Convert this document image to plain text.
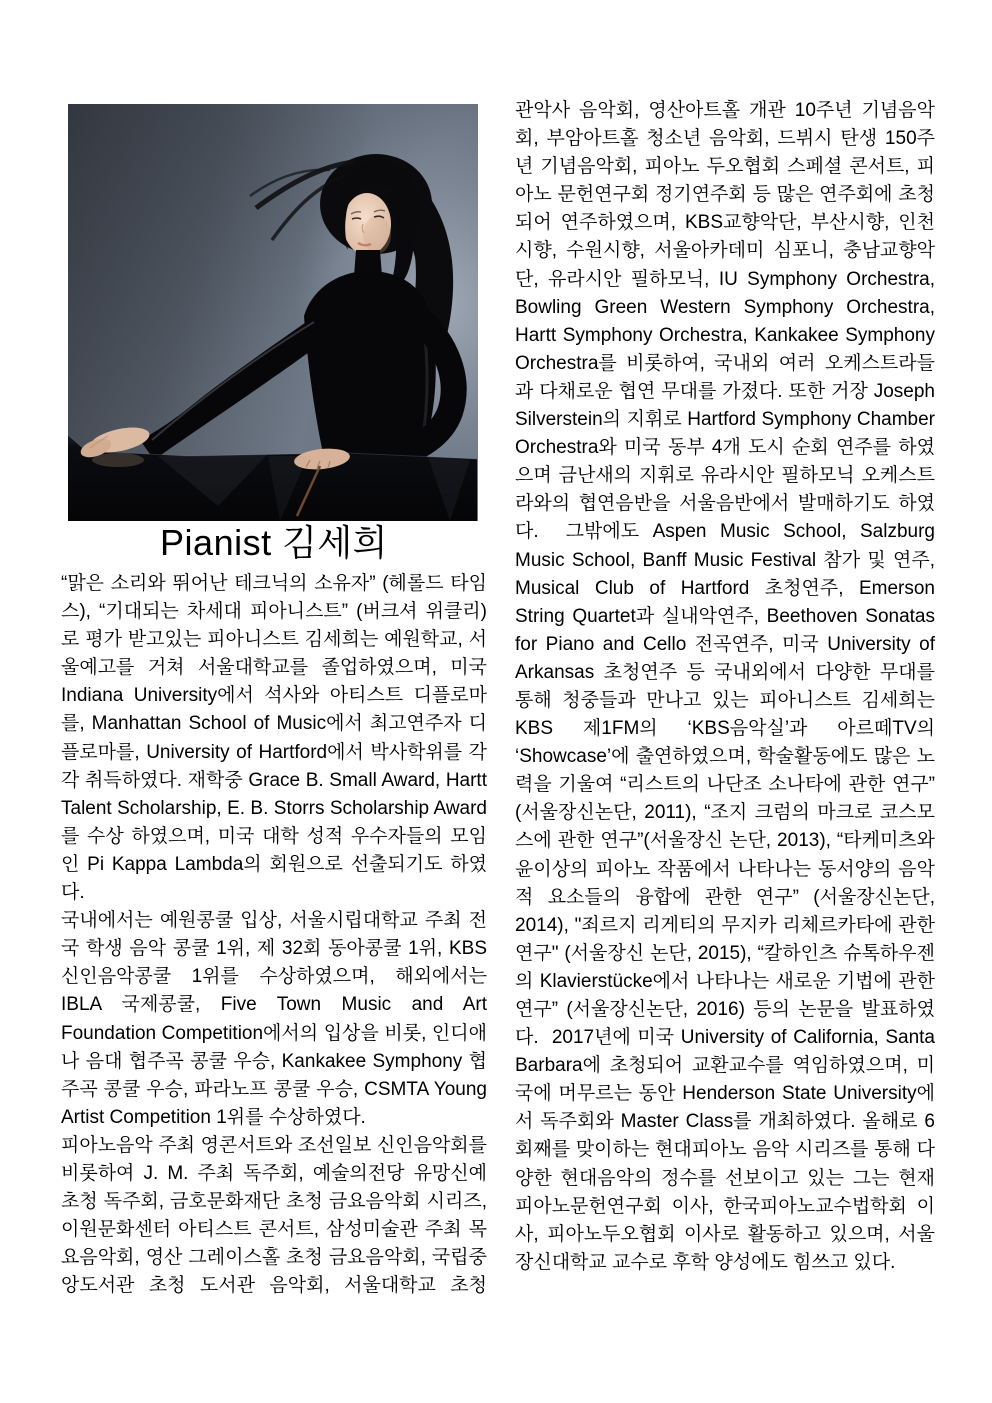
Pianist 김세희

“맑은 소리와 뛰어난 테크닉의 소유자” (헤롤드 타임스), “기대되는 차세대 피아니스트” (버크셔 위클리)로 평가 받고있는 피아니스트 김세희는 예원학교, 서울예고를 거쳐 서울대학교를 졸업하였으며, 미국 Indiana University에서 석사와 아티스트 디플로마를, Manhattan School of Music에서 최고연주자 디플로마를, University of Hartford에서 박사학위를 각각 취득하였다. 재학중 Grace B. Small Award, Hartt Talent Scholarship, E. B. Storrs Scholarship Award를 수상 하였으며, 미국 대학 성적 우수자들의 모임인 Pi Kappa Lambda의 회원으로 선출되기도 하였다.

국내에서는 예원콩쿨 입상, 서울시립대학교 주최 전국 학생 음악 콩쿨 1위, 제 32회 동아콩쿨 1위, KBS신인음악콩쿨 1위를 수상하였으며, 해외에서는 IBLA 국제콩쿨, Five Town Music and Art Foundation Competition에서의 입상을 비롯, 인디애나 음대 협주곡 콩쿨 우승, Kankakee Symphony 협주곡 콩쿨 우승, 파라노프 콩쿨 우승, CSMTA Young Artist Competition 1위를 수상하였다.

피아노음악 주최 영콘서트와 조선일보 신인음악회를 비롯하여 J. M. 주최 독주회, 예술의전당 유망신예 초청 독주회, 금호문화재단 초청 금요음악회 시리즈, 이원문화센터 아티스트 콘서트, 삼성미술관 주최 목요음악회, 영산 그레이스홀 초청 금요음악회, 국립중앙도서관 초청 도서관 음악회, 서울대학교 초청

관악사 음악회, 영산아트홀 개관 10주년 기념음악회, 부암아트홀 청소년 음악회, 드뷔시 탄생 150주년 기념음악회, 피아노 두오협회 스페셜 콘서트, 피아노 문헌연구회 정기연주회 등 많은 연주회에 초청되어 연주하였으며, KBS교향악단, 부산시향, 인천시향, 수원시향, 서울아카데미 심포니, 충남교향악단, 유라시안 필하모닉, IU Symphony Orchestra, Bowling Green Western Symphony Orchestra, Hartt Symphony Orchestra, Kankakee Symphony Orchestra를 비롯하여, 국내외 여러 오케스트라들과 다채로운 협연 무대를 가졌다. 또한 거장 Joseph Silverstein의 지휘로 Hartford Symphony Chamber Orchestra와 미국 동부 4개 도시 순회 연주를 하였으며 금난새의 지휘로 유라시안 필하모닉 오케스트라와의 협연음반을 서울음반에서 발매하기도 하였다.  그밖에도 Aspen Music School, Salzburg Music School, Banff Music Festival 참가 및 연주, Musical Club of Hartford 초청연주, Emerson String Quartet과 실내악연주, Beethoven Sonatas for Piano and Cello 전곡연주, 미국 University of Arkansas 초청연주 등 국내외에서 다양한 무대를 통해 청중들과 만나고 있는 피아니스트 김세희는 KBS 제1FM의 ‘KBS음악실’과 아르떼TV의 ‘Showcase’에 출연하였으며, 학술활동에도 많은 노력을 기울여 “리스트의 나단조 소나타에 관한 연구” (서울장신논단, 2011), “조지 크럼의 마크로 코스모스에 관한 연구”(서울장신 논단, 2013), “타케미츠와 윤이상의 피아노 작품에서 나타나는 동서양의 음악적 요소들의 융합에 관한 연구” (서울장신논단, 2014), "죄르지 리게티의 무지카 리체르카타에 관한 연구" (서울장신 논단, 2015), “칼하인츠 슈톡하우젠의 Klavierstücke에서 나타나는 새로운 기법에 관한 연구” (서울장신논단, 2016) 등의 논문을 발표하였다.  2017년에 미국 University of California, Santa Barbara에 초청되어 교환교수를 역임하였으며, 미국에 머무르는 동안 Henderson State University에서 독주회와 Master Class를 개최하였다. 올해로 6회째를 맞이하는 현대피아노 음악 시리즈를 통해 다양한 현대음악의 정수를 선보이고 있는 그는 현재 피아노문헌연구회 이사, 한국피아노교수법학회 이사, 피아노두오협회 이사로 활동하고 있으며, 서울장신대학교 교수로 후학 양성에도 힘쓰고 있다.
